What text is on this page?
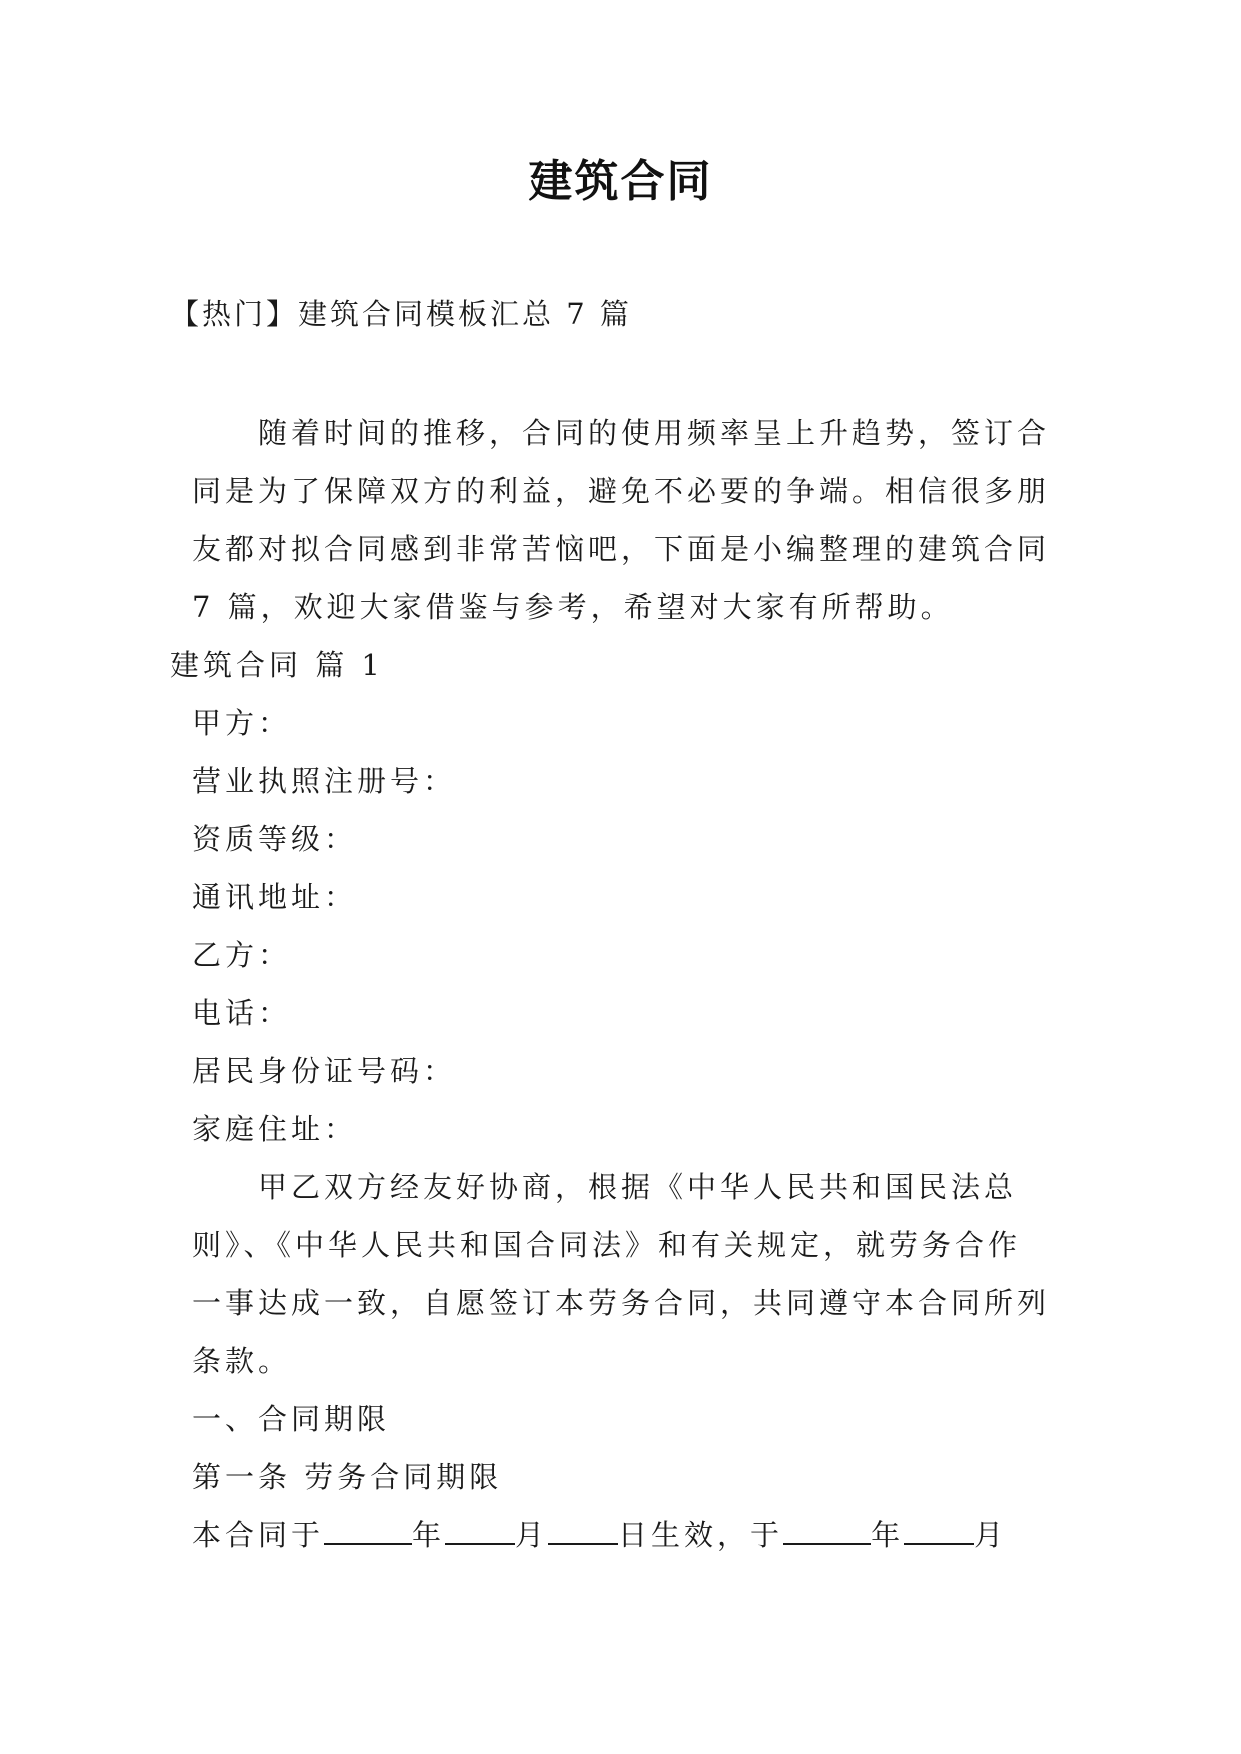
建筑合同
【热门】建筑合同模板汇总 7 篇

随着时间的推移，合同的使用频率呈上升趋势，签订合同是为了保障双方的利益，避免不必要的争端。相信很多朋友都对拟合同感到非常苦恼吧，下面是小编整理的建筑合同 7 篇，欢迎大家借鉴与参考，希望对大家有所帮助。

建筑合同 篇 1

甲方：

营业执照注册号：

资质等级：

通讯地址：

乙方：

电话：

居民身份证号码：

家庭住址：

甲乙双方经友好协商，根据《中华人民共和国民法总则》、《中华人民共和国合同法》和有关规定，就劳务合作一事达成一致，自愿签订本劳务合同，共同遵守本合同所列条款。

一、合同期限

第一条 劳务合同期限

本合同于	年 月 日生效，于	年 月
